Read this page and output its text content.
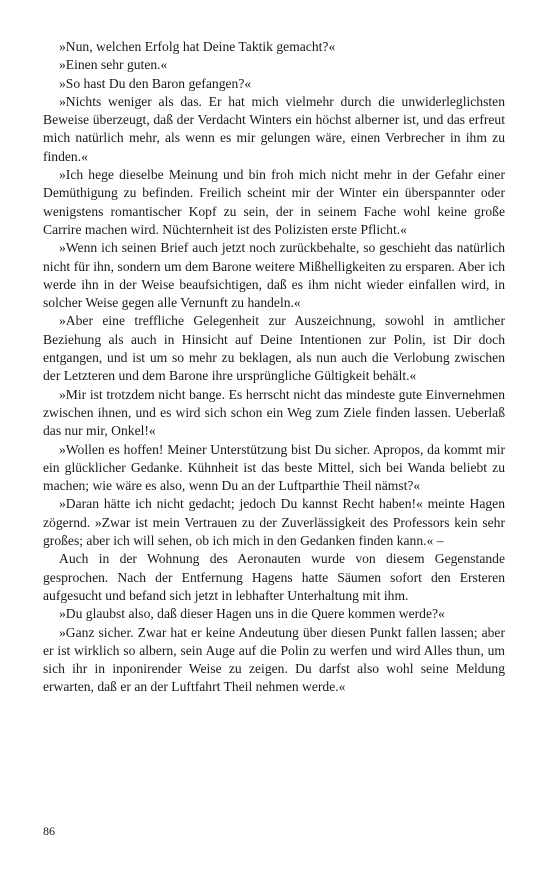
»Nun, welchen Erfolg hat Deine Taktik gemacht?«

»Einen sehr guten.«

»So hast Du den Baron gefangen?«

»Nichts weniger als das. Er hat mich vielmehr durch die unwiderleglichsten Beweise überzeugt, daß der Verdacht Winters ein höchst alberner ist, und das erfreut mich natürlich mehr, als wenn es mir gelungen wäre, einen Verbrecher in ihm zu finden.«

»Ich hege dieselbe Meinung und bin froh mich nicht mehr in der Gefahr einer Demüthigung zu befinden. Freilich scheint mir der Winter ein überspannter oder wenigstens romantischer Kopf zu sein, der in seinem Fache wohl keine große Carrire machen wird. Nüchternheit ist des Polizisten erste Pflicht.«

»Wenn ich seinen Brief auch jetzt noch zurückbehalte, so geschieht das natürlich nicht für ihn, sondern um dem Barone weitere Mißhelligkeiten zu ersparen. Aber ich werde ihn in der Weise beaufsichtigen, daß es ihm nicht wieder einfallen wird, in solcher Weise gegen alle Vernunft zu handeln.«

»Aber eine treffliche Gelegenheit zur Auszeichnung, sowohl in amtlicher Beziehung als auch in Hinsicht auf Deine Intentionen zur Polin, ist Dir doch entgangen, und ist um so mehr zu beklagen, als nun auch die Verlobung zwischen der Letzteren und dem Barone ihre ursprüngliche Gültigkeit behält.«

»Mir ist trotzdem nicht bange. Es herrscht nicht das mindeste gute Einvernehmen zwischen ihnen, und es wird sich schon ein Weg zum Ziele finden lassen. Ueberlaß das nur mir, Onkel!«

»Wollen es hoffen! Meiner Unterstützung bist Du sicher. Apropos, da kommt mir ein glücklicher Gedanke. Kühnheit ist das beste Mittel, sich bei Wanda beliebt zu machen; wie wäre es also, wenn Du an der Luftparthie Theil nämst?«

»Daran hätte ich nicht gedacht; jedoch Du kannst Recht haben!« meinte Hagen zögernd. »Zwar ist mein Vertrauen zu der Zuverlässigkeit des Professors kein sehr großes; aber ich will sehen, ob ich mich in den Gedanken finden kann.« –

Auch in der Wohnung des Aeronauten wurde von diesem Gegenstande gesprochen. Nach der Entfernung Hagens hatte Säumen sofort den Ersteren aufgesucht und befand sich jetzt in lebhafter Unterhaltung mit ihm.

»Du glaubst also, daß dieser Hagen uns in die Quere kommen werde?«

»Ganz sicher. Zwar hat er keine Andeutung über diesen Punkt fallen lassen; aber er ist wirklich so albern, sein Auge auf die Polin zu werfen und wird Alles thun, um sich ihr in inponirender Weise zu zeigen. Du darfst also wohl seine Meldung erwarten, daß er an der Luftfahrt Theil nehmen werde.«

86
